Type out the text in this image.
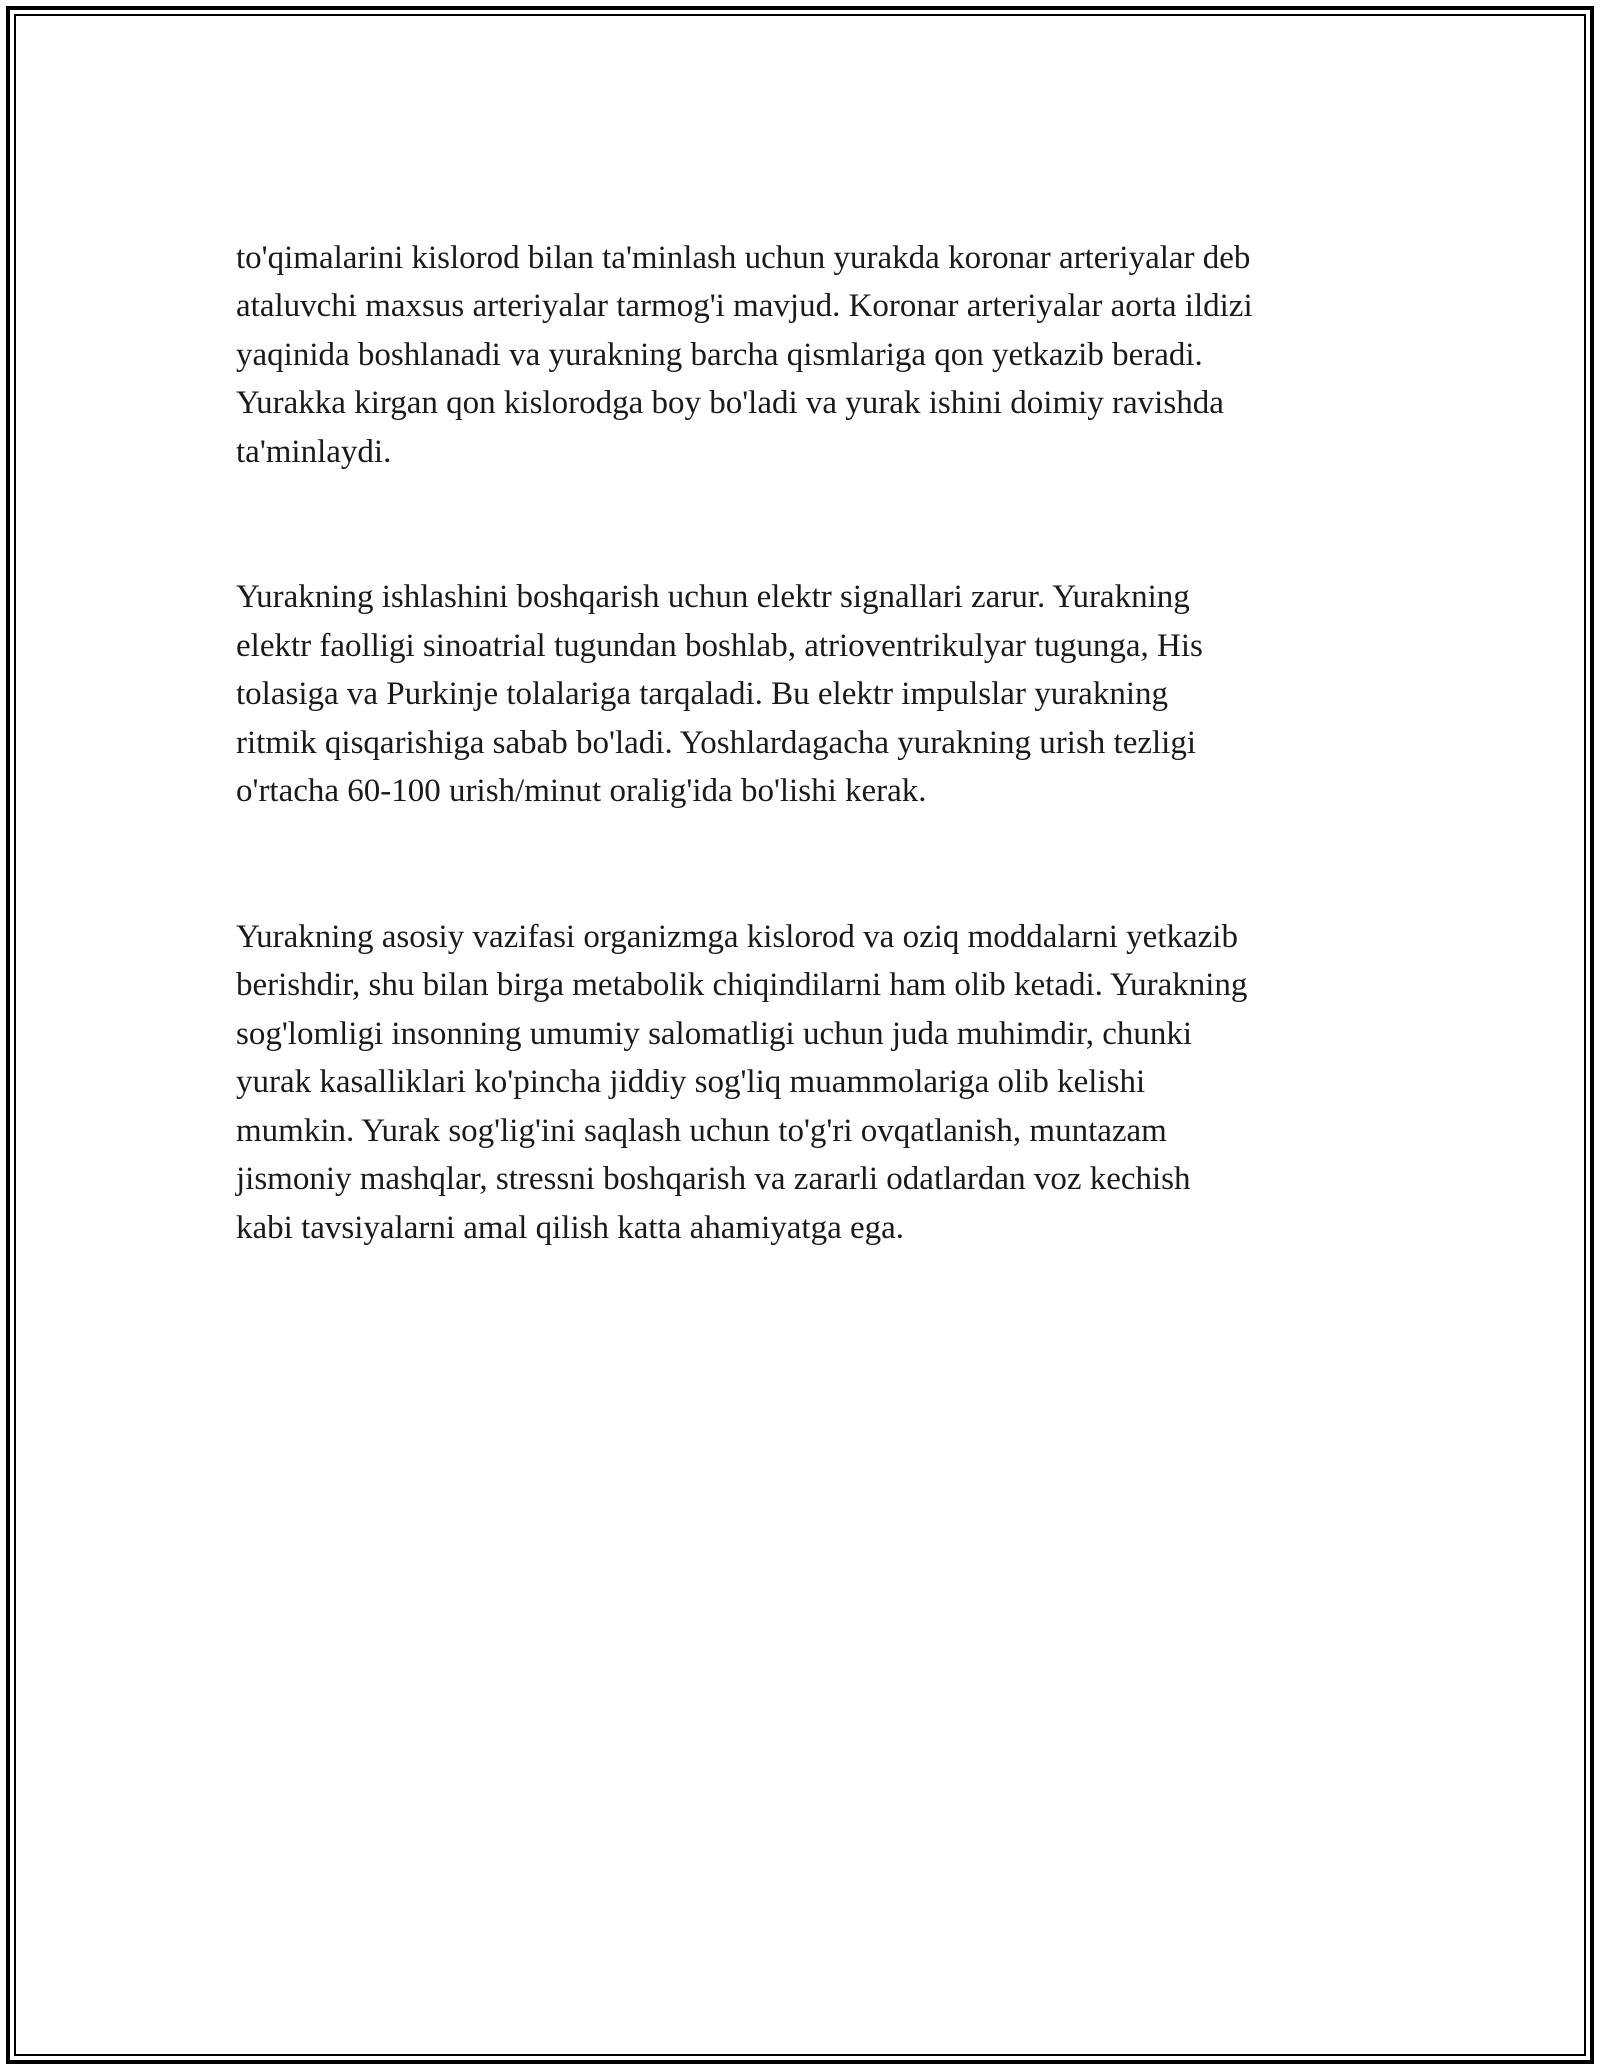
to'qimalarini kislorod bilan ta'minlash uchun yurakda koronar arteriyalar deb
ataluvchi maxsus arteriyalar tarmog'i mavjud. Koronar arteriyalar aorta ildizi
yaqinida boshlanadi va yurakning barcha qismlariga qon yetkazib beradi.
Yurakka kirgan qon kislorodga boy bo'ladi va yurak ishini doimiy ravishda
ta'minlaydi.

Yurakning ishlashini boshqarish uchun elektr signallari zarur. Yurakning
elektr faolligi sinoatrial tugundan boshlab, atrioventrikulyar tugunga, His
tolasiga va Purkinje tolalariga tarqaladi. Bu elektr impulslar yurakning
ritmik qisqarishiga sabab bo'ladi. Yoshlardagacha yurakning urish tezligi
o'rtacha 60-100 urish/minut oralig'ida bo'lishi kerak.

Yurakning asosiy vazifasi organizmga kislorod va oziq moddalarni yetkazib
berishdir, shu bilan birga metabolik chiqindilarni ham olib ketadi. Yurakning
sog'lomligi insonning umumiy salomatligi uchun juda muhimdir, chunki
yurak kasalliklari ko'pincha jiddiy sog'liq muammolariga olib kelishi
mumkin. Yurak sog'lig'ini saqlash uchun to'g'ri ovqatlanish, muntazam
jismoniy mashqlar, stressni boshqarish va zararli odatlardan voz kechish
kabi tavsiyalarni amal qilish katta ahamiyatga ega.
